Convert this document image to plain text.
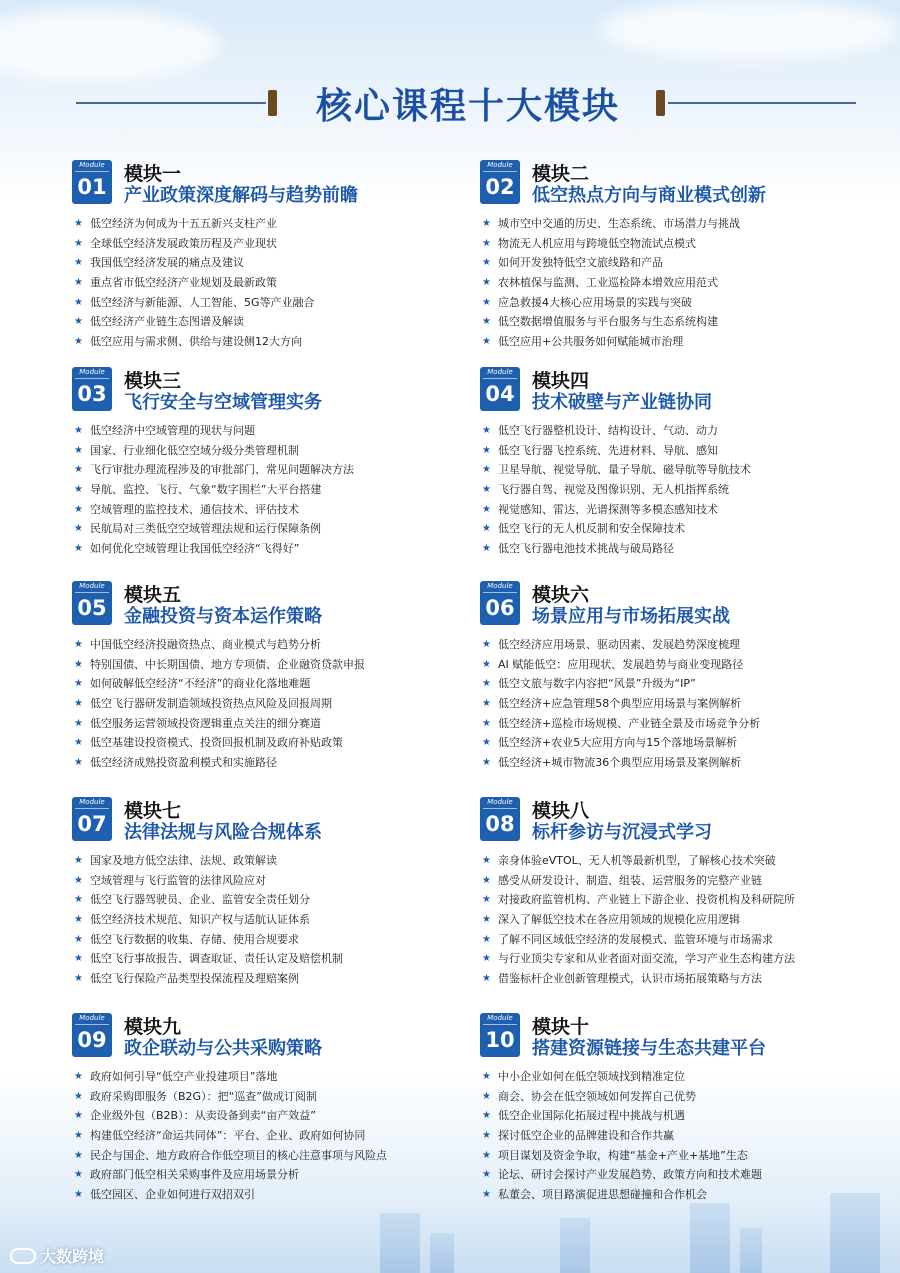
核心课程十大模块
Module
01
模块一
产业政策深度解码与趋势前瞻
★ 低空经济为何成为十五五新兴支柱产业
★ 全球低空经济发展政策历程及产业现状
★ 我国低空经济发展的痛点及建议
★ 重点省市低空经济产业规划及最新政策
★ 低空经济与新能源、人工智能、5G等产业融合
★ 低空经济产业链生态图谱及解读
★ 低空应用与需求侧、供给与建设侧12大方向
Module
02
模块二
低空热点方向与商业模式创新
★ 城市空中交通的历史、生态系统、市场潜力与挑战
★ 物流无人机应用与跨境低空物流试点模式
★ 如何开发独特低空文旅线路和产品
★ 农林植保与监测、工业巡检降本增效应用范式
★ 应急救援4大核心应用场景的实践与突破
★ 低空数据增值服务与平台服务与生态系统构建
★ 低空应用+公共服务如何赋能城市治理
Module
03
模块三
飞行安全与空域管理实务
★ 低空经济中空域管理的现状与问题
★ 国家、行业细化低空空域分级分类管理机制
★ 飞行审批办理流程涉及的审批部门、常见问题解决方法
★ 导航、监控、飞行、气象“数字围栏”大平台搭建
★ 空域管理的监控技术、通信技术、评估技术
★ 民航局对三类低空空域管理法规和运行保障条例
★ 如何优化空域管理让我国低空经济“飞得好”
Module
04
模块四
技术破壁与产业链协同
★ 低空飞行器整机设计、结构设计、气动、动力
★ 低空飞行器飞控系统、先进材料、导航、感知
★ 卫星导航、视觉导航、量子导航、磁导航等导航技术
★ 飞行器自驾、视觉及图像识别、无人机指挥系统
★ 视觉感知、雷达、光谱探测等多模态感知技术
★ 低空飞行的无人机反制和安全保障技术
★ 低空飞行器电池技术挑战与破局路径
Module
05
模块五
金融投资与资本运作策略
★ 中国低空经济投融资热点、商业模式与趋势分析
★ 特别国债、中长期国债、地方专项债、企业融资贷款申报
★ 如何破解低空经济“不经济”的商业化落地难题
★ 低空飞行器研发制造领域投资热点风险及回报周期
★ 低空服务运营领域投资逻辑重点关注的细分赛道
★ 低空基建设投资模式、投资回报机制及政府补贴政策
★ 低空经济成熟投资盈利模式和实施路径
Module
06
模块六
场景应用与市场拓展实战
★ 低空经济应用场景、驱动因素、发展趋势深度梳理
★ AI 赋能低空：应用现状、发展趋势与商业变现路径
★ 低空文旅与数字内容把“风景”升级为“IP”
★ 低空经济+应急管理58个典型应用场景与案例解析
★ 低空经济+巡检市场规模、产业链全景及市场竞争分析
★ 低空经济+农业5大应用方向与15个落地场景解析
★ 低空经济+城市物流36个典型应用场景及案例解析
Module
07
模块七
法律法规与风险合规体系
★ 国家及地方低空法律、法规、政策解读
★ 空域管理与飞行监管的法律风险应对
★ 低空飞行器驾驶员、企业、监管安全责任划分
★ 低空经济技术规范、知识产权与适航认证体系
★ 低空飞行数据的收集、存储、使用合规要求
★ 低空飞行事故报告、调查取证、责任认定及赔偿机制
★ 低空飞行保险产品类型投保流程及理赔案例
Module
08
模块八
标杆参访与沉浸式学习
★ 亲身体验eVTOL、无人机等最新机型，了解核心技术突破
★ 感受从研发设计、制造、组装、运营服务的完整产业链
★ 对接政府监管机构、产业链上下游企业、投资机构及科研院所
★ 深入了解低空技术在各应用领域的规模化应用逻辑
★ 了解不同区域低空经济的发展模式、监管环境与市场需求
★ 与行业顶尖专家和从业者面对面交流，学习产业生态构建方法
★ 借鉴标杆企业创新管理模式，认识市场拓展策略与方法
Module
09
模块九
政企联动与公共采购策略
★ 政府如何引导“低空产业投建项目”落地
★ 政府采购即服务（B2G）：把“巡查”做成订阅制
★ 企业级外包（B2B）：从卖设备到卖“亩产效益”
★ 构建低空经济“命运共同体”：平台、企业、政府如何协同
★ 民企与国企、地方政府合作低空项目的核心注意事项与风险点
★ 政府部门低空相关采购事件及应用场景分析
★ 低空园区、企业如何进行双招双引
Module
10
模块十
搭建资源链接与生态共建平台
★ 中小企业如何在低空领域找到精准定位
★ 商会、协会在低空领域如何发挥自己优势
★ 低空企业国际化拓展过程中挑战与机遇
★ 探讨低空企业的品牌建设和合作共赢
★ 项目谋划及资金争取，构建“基金+产业+基地”生态
★ 论坛、研讨会探讨产业发展趋势、政策方向和技术难题
★ 私董会、项目路演促进思想碰撞和合作机会
大数跨境
